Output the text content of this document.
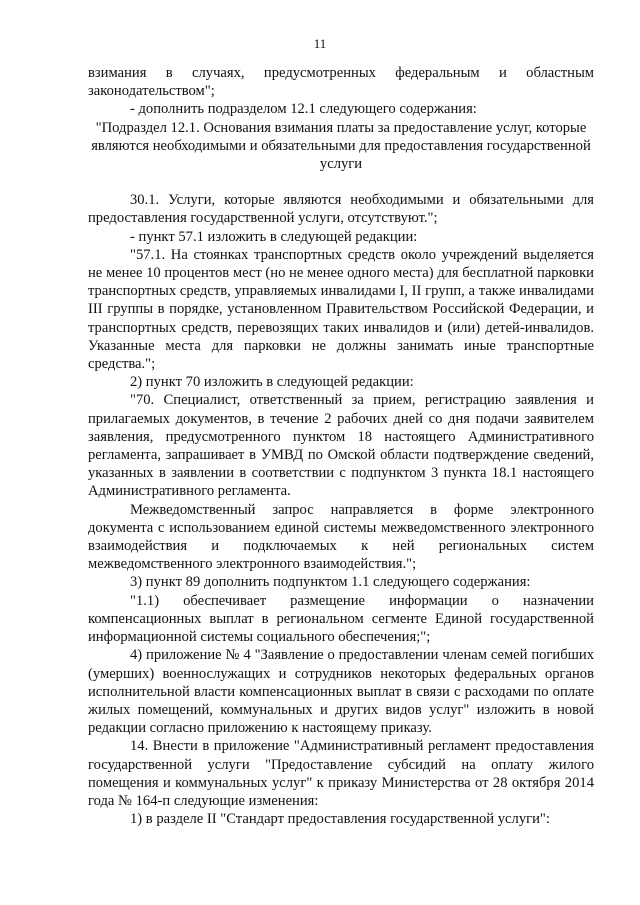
11

взимания в случаях, предусмотренных федеральным и областным законодательством";

- дополнить подразделом 12.1 следующего содержания:

"Подраздел 12.1. Основания взимания платы за предоставление услуг, которые являются необходимыми и обязательными для предоставления государственной услуги

30.1. Услуги, которые являются необходимыми и обязательными для предоставления государственной услуги, отсутствуют.";

- пункт 57.1 изложить в следующей редакции:

"57.1. На стоянках транспортных средств около учреждений выделяется не менее 10 процентов мест (но не менее одного места) для бесплатной парковки транспортных средств, управляемых инвалидами I, II групп, а также инвалидами III группы в порядке, установленном Правительством Российской Федерации, и транспортных средств, перевозящих таких инвалидов и (или) детей-инвалидов. Указанные места для парковки не должны занимать иные транспортные средства.";

2) пункт 70 изложить в следующей редакции:

"70. Специалист, ответственный за прием, регистрацию заявления и прилагаемых документов, в течение 2 рабочих дней со дня подачи заявителем заявления, предусмотренного пунктом 18 настоящего Административного регламента, запрашивает в УМВД по Омской области подтверждение сведений, указанных в заявлении в соответствии с подпунктом 3 пункта 18.1 настоящего Административного регламента.

Межведомственный запрос направляется в форме электронного документа с использованием единой системы межведомственного электронного взаимодействия и подключаемых к ней региональных систем межведомственного электронного взаимодействия.";

3) пункт 89 дополнить подпунктом 1.1 следующего содержания:

"1.1) обеспечивает размещение информации о назначении компенсационных выплат в региональном сегменте Единой государственной информационной системы социального обеспечения;";

4) приложение № 4 "Заявление о предоставлении членам семей погибших (умерших) военнослужащих и сотрудников некоторых федеральных органов исполнительной власти компенсационных выплат в связи с расходами по оплате жилых помещений, коммунальных и других видов услуг" изложить в новой редакции согласно приложению к настоящему приказу.

14. Внести в приложение "Административный регламент предоставления государственной услуги "Предоставление субсидий на оплату жилого помещения и коммунальных услуг" к приказу Министерства от 28 октября 2014 года № 164-п следующие изменения:

1) в разделе II "Стандарт предоставления государственной услуги":
